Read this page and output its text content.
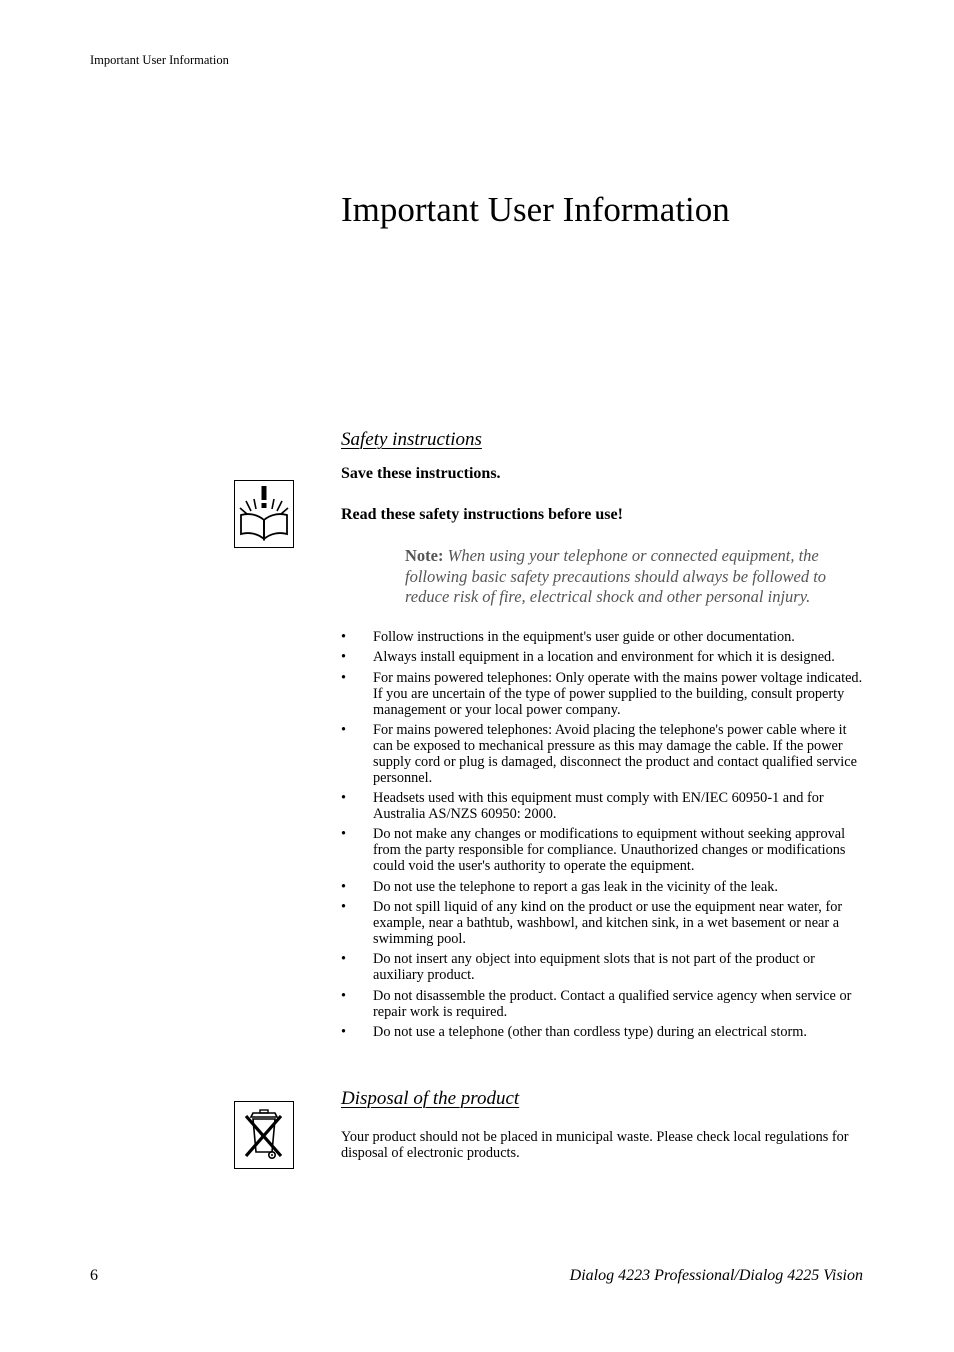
Important User Information
Important User Information
Safety instructions
Save these instructions.
Read these safety instructions before use!
Note: When using your telephone or connected equipment, the following basic safety precautions should always be followed to reduce risk of fire, electrical shock and other personal injury.
• Follow instructions in the equipment's user guide or other documentation.
• Always install equipment in a location and environment for which it is designed.
• For mains powered telephones: Only operate with the mains power voltage indicated. If you are uncertain of the type of power supplied to the building, consult property management or your local power company.
• For mains powered telephones: Avoid placing the telephone's power cable where it can be exposed to mechanical pressure as this may damage the cable. If the power supply cord or plug is damaged, disconnect the product and contact qualified service personnel.
• Headsets used with this equipment must comply with EN/IEC 60950-1 and for Australia AS/NZS 60950: 2000.
• Do not make any changes or modifications to equipment without seeking approval from the party responsible for compliance. Unauthorized changes or modifications could void the user's authority to operate the equipment.
• Do not use the telephone to report a gas leak in the vicinity of the leak.
• Do not spill liquid of any kind on the product or use the equipment near water, for example, near a bathtub, washbowl, and kitchen sink, in a wet basement or near a swimming pool.
• Do not insert any object into equipment slots that is not part of the product or auxiliary product.
• Do not disassemble the product. Contact a qualified service agency when service or repair work is required.
• Do not use a telephone (other than cordless type) during an electrical storm.
Disposal of the product
Your product should not be placed in municipal waste. Please check local regulations for disposal of electronic products.
6	Dialog 4223 Professional/Dialog 4225 Vision
